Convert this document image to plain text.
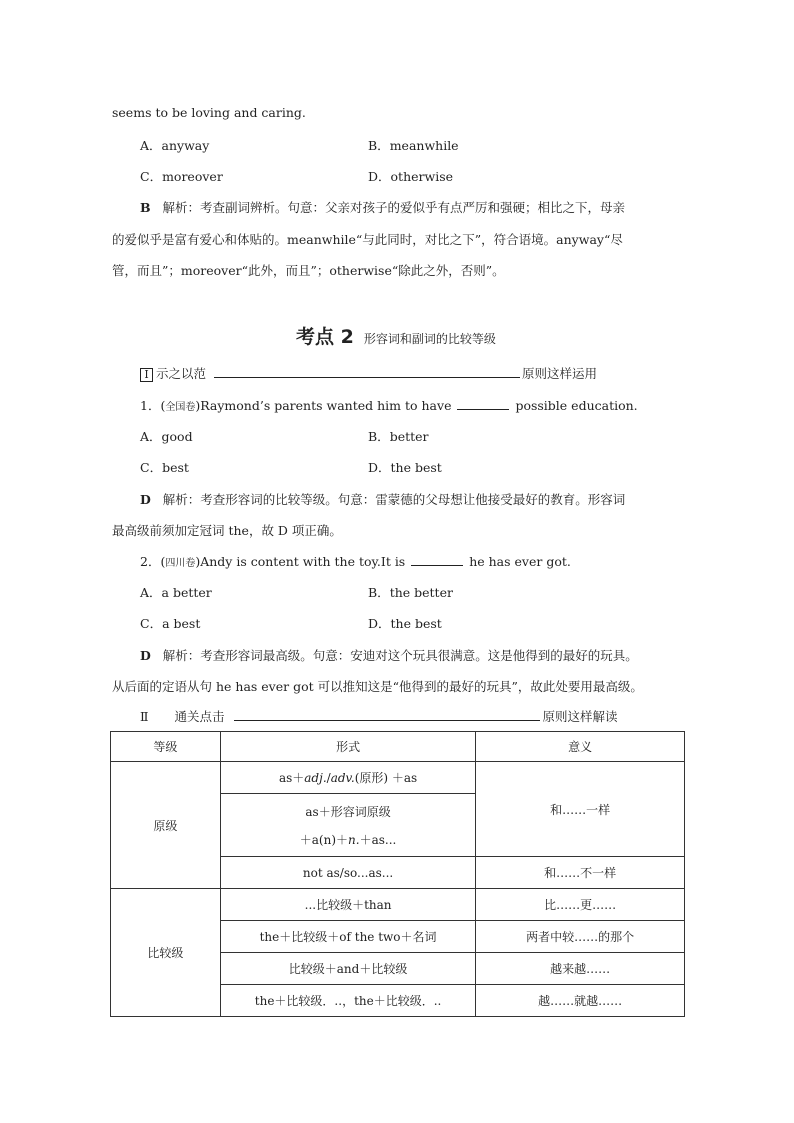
seems to be loving and caring.
A．anyway	B．meanwhile
C．moreover	D．otherwise
B 解析：考查副词辨析。句意：父亲对孩子的爱似乎有点严厉和强硬；相比之下，母亲
的爱似乎是富有爱心和体贴的。meanwhile“与此同时，对比之下”，符合语境。anyway“尽
管，而且”；moreover“此外，而且”；otherwise“除此之外，否则”。
考点 2 形容词和副词的比较等级
Ⅰ 示之以范	原则这样运用
1．(全国卷)Raymond’s parents wanted him to have	possible education.
A．good	B．better
C．best	D．the best
D 解析：考查形容词的比较等级。句意：雷蒙德的父母想让他接受最好的教育。形容词
最高级前须加定冠词 the，故 D 项正确。
2．(四川卷)Andy is content with the toy.It is	he has ever got.
A．a better	B．the better
C．a best	D．the best
D 解析：考查形容词最高级。句意：安迪对这个玩具很满意。这是他得到的最好的玩具。
从后面的定语从句 he has ever got 可以推知这是“他得到的最好的玩具”，故此处要用最高级。
Ⅱ 通关点击	原则这样解读
等级	形式	意义
原级	as＋adj./adv.(原形) ＋as	和……一样

	as＋形容词原级
＋a(n)＋n.＋as...	

	not as/so...as...	和……不一样
比较级	...比较级＋than	比……更……
	the＋比较级＋of the two＋名词	两者中较……的那个
	比较级＋and＋比较级	越来越……
	the＋比较级．..，the＋比较级．..	越……就越……
